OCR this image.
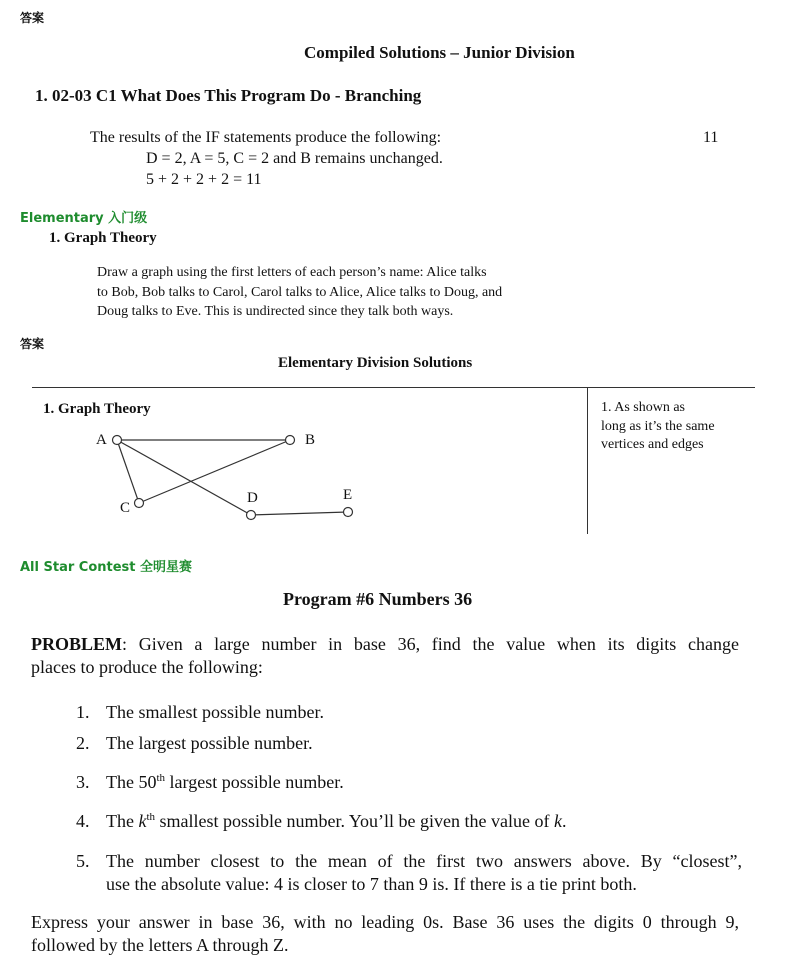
答案
Compiled Solutions – Junior Division
1. 02-03 C1 What Does This Program Do - Branching
The results of the IF statements produce the following:
D = 2, A = 5, C = 2 and B remains unchanged.
5 + 2 + 2 + 2 = 11
11
Elementary 入门级
1. Graph Theory
Draw a graph using the first letters of each person’s name: Alice talks
to Bob, Bob talks to Carol, Carol talks to Alice, Alice talks to Doug, and
Doug talks to Eve. This is undirected since they talk both ways.
答案
Elementary Division Solutions
1. Graph Theory	1. As shown as
long as it’s the same
vertices and edges
A	B
C
D	E
All Star Contest 全明星赛
Program #6 Numbers 36
PROBLEM: Given a large number in base 36, find the value when its digits change
places to produce the following:
1. The smallest possible number.
2. The largest possible number.
3. The 50th largest possible number.
4. The $k^{th}$ smallest possible number. You’ll be given the value of k.
5. The number closest to the mean of the first two answers above. By “closest”,
use the absolute value: 4 is closer to 7 than 9 is. If there is a tie print both.
Express your answer in base 36, with no leading 0s. Base 36 uses the digits 0 through 9,
followed by the letters A through Z.
